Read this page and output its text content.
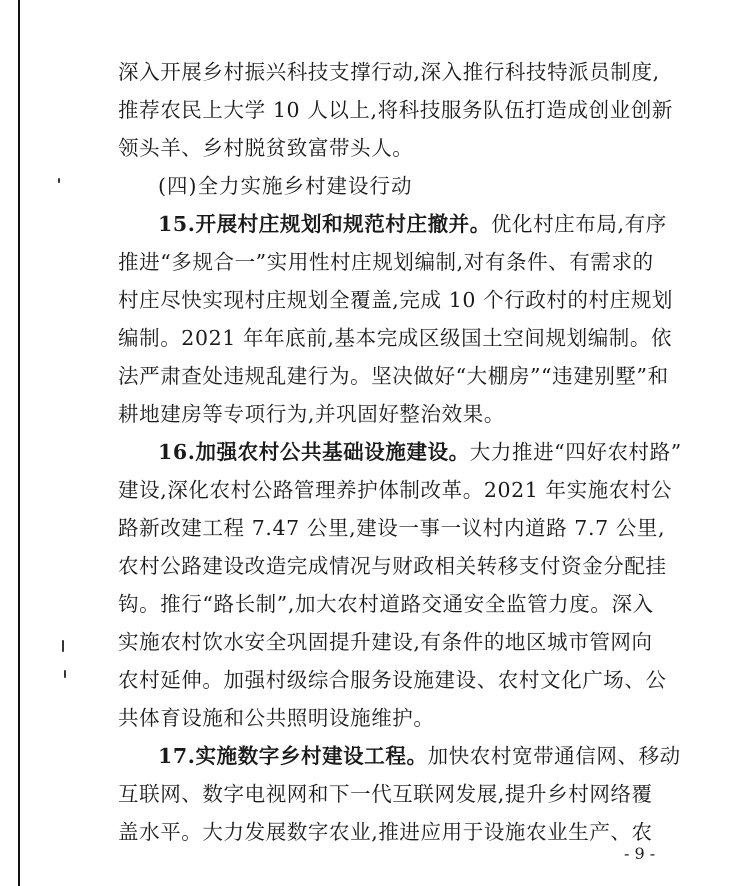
深入开展乡村振兴科技支撑行动,深入推行科技特派员制度,
推荐农民上大学 10 人以上,将科技服务队伍打造成创业创新
领头羊、乡村脱贫致富带头人。
(四)全力实施乡村建设行动
15.开展村庄规划和规范村庄撤并。优化村庄布局,有序
推进“多规合一”实用性村庄规划编制,对有条件、有需求的
村庄尽快实现村庄规划全覆盖,完成 10 个行政村的村庄规划
编制。2021 年年底前,基本完成区级国土空间规划编制。依
法严肃查处违规乱建行为。坚决做好“大棚房”“违建别墅”和
耕地建房等专项行为,并巩固好整治效果。
16.加强农村公共基础设施建设。大力推进“四好农村路”
建设,深化农村公路管理养护体制改革。2021 年实施农村公
路新改建工程 7.47 公里,建设一事一议村内道路 7.7 公里,
农村公路建设改造完成情况与财政相关转移支付资金分配挂
钩。推行“路长制”,加大农村道路交通安全监管力度。深入
实施农村饮水安全巩固提升建设,有条件的地区城市管网向
农村延伸。加强村级综合服务设施建设、农村文化广场、公
共体育设施和公共照明设施维护。
17.实施数字乡村建设工程。加快农村宽带通信网、移动
互联网、数字电视网和下一代互联网发展,提升乡村网络覆
盖水平。大力发展数字农业,推进应用于设施农业生产、农
- 9 -
